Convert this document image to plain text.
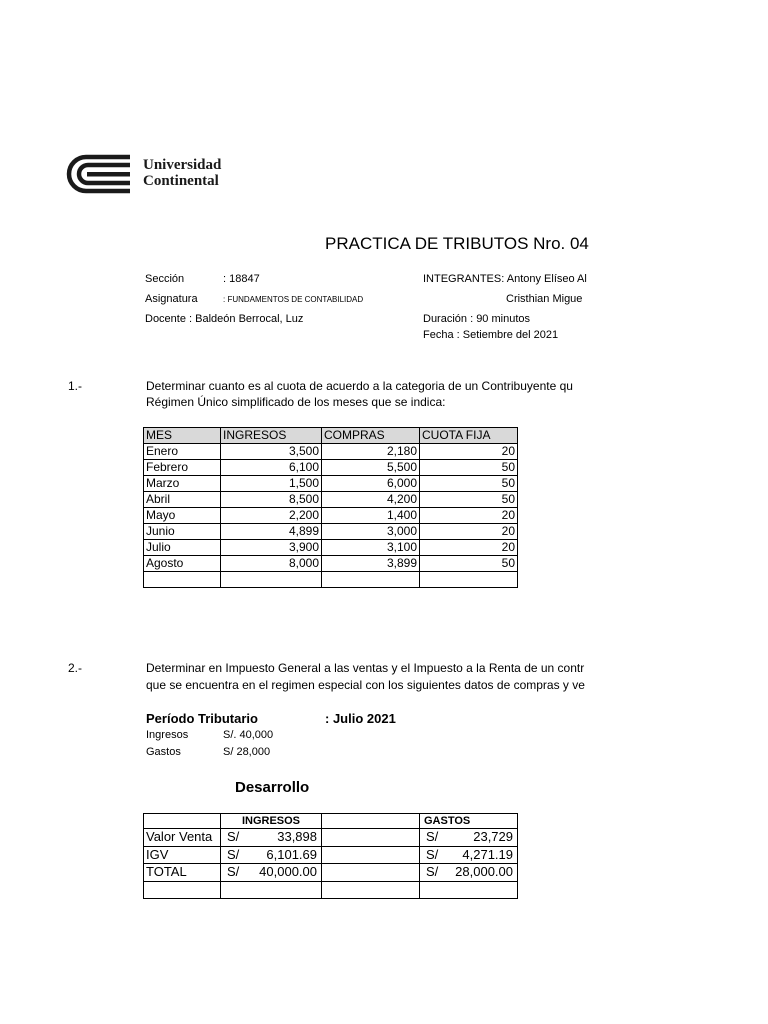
Universidad
Continental
PRACTICA DE TRIBUTOS Nro. 04
Sección	: 18847
Asignatura	: FUNDAMENTOS DE CONTABILIDAD
Docente : Baldeón Berrocal, Luz
INTEGRANTES: Antony Elíseo Al
Cristhian Migue
Duración : 90 minutos
Fecha : Setiembre del 2021
1.-	Determinar cuanto es al cuota de acuerdo a la categoria de un Contribuyente qu
Régimen Único simplificado de los meses que se indica:
MES	INGRESOS	COMPRAS	CUOTA FIJA
Enero	3,500	2,180	20
Febrero	6,100	5,500	50
Marzo	1,500	6,000	50
Abril	8,500	4,200	50
Mayo	2,200	1,400	20
Junio	4,899	3,000	20
Julio	3,900	3,100	20
Agosto	8,000	3,899	50

2.-	Determinar en Impuesto General a las ventas y el Impuesto a la Renta de un contr
que se encuentra en el regimen especial con los siguientes datos de compras y ve
Período Tributario	: Julio 2021
Ingresos	S/. 40,000
Gastos	S/ 28,000
Desarrollo
	INGRESOS		GASTOS
Valor Venta	S/ 33,898		S/ 23,729

IGV	S/ 6,101.69		S/ 4,271.19

TOTAL	S/ 40,000.00		S/ 28,000.00
